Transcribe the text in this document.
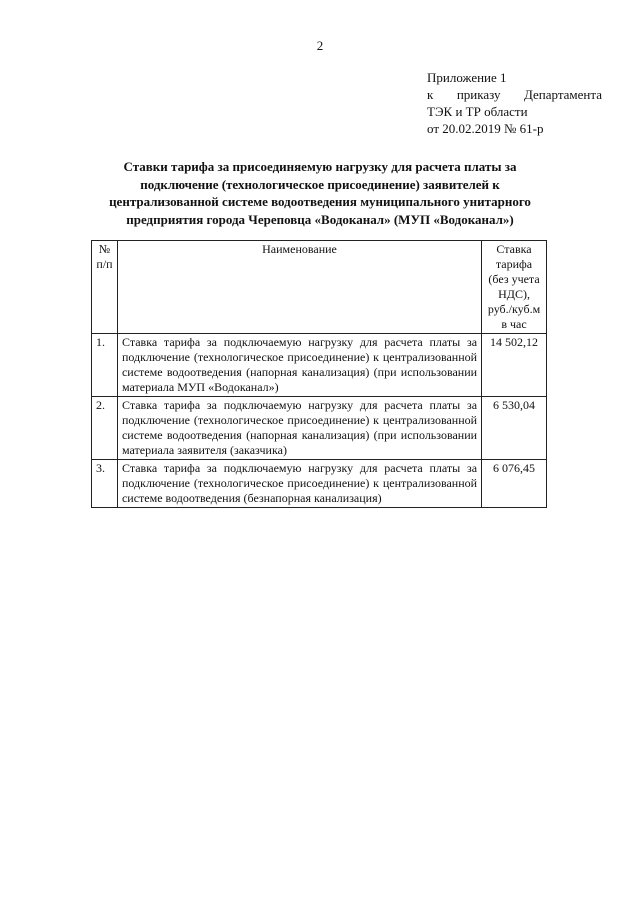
2
Приложение 1
к приказу Департамента
ТЭК и ТР области
от 20.02.2019 № 61-р
Ставки тарифа за присоединяемую нагрузку для расчета платы за подключение (технологическое присоединение) заявителей к централизованной системе водоотведения муниципального унитарного предприятия города Череповца «Водоканал» (МУП «Водоканал»)
№ п/п	Наименование	Ставка тарифа (без учета НДС), руб./куб.м в час
1.	Ставка тарифа за подключаемую нагрузку для расчета платы за подключение (технологическое присоединение) к централизованной системе водоотведения (напорная канализация) (при использовании материала МУП «Водоканал»)	14 502,12
2.	Ставка тарифа за подключаемую нагрузку для расчета платы за подключение (технологическое присоединение) к централизованной системе водоотведения (напорная канализация) (при использовании материала заявителя (заказчика)	6 530,04
3.	Ставка тарифа за подключаемую нагрузку для расчета платы за подключение (технологическое присоединение) к централизованной системе водоотведения (безнапорная канализация)	6 076,45
